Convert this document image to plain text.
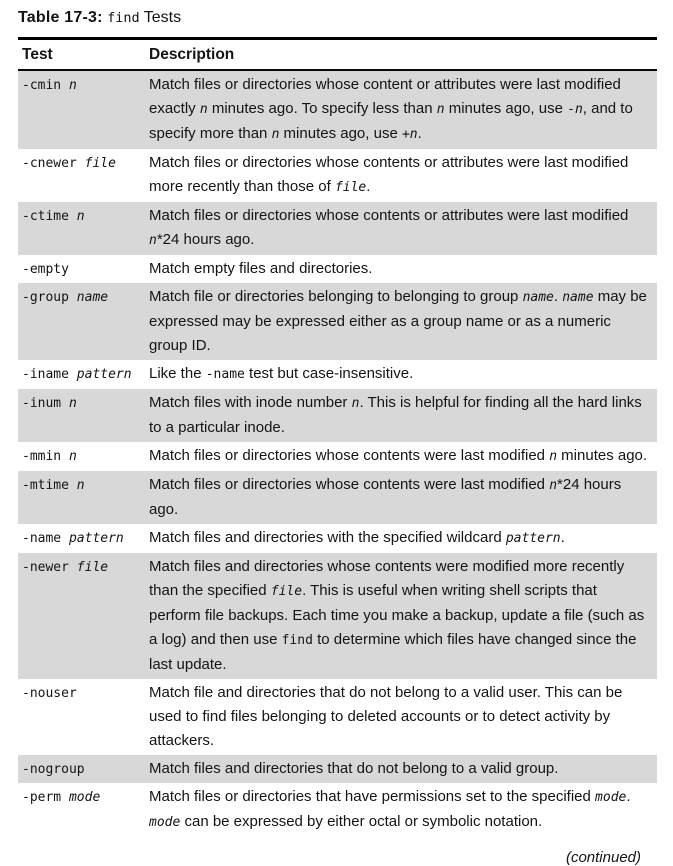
Table 17-3: find Tests
Test	Description
-cmin n	Match files or directories whose content or attributes were last modified exactly n minutes ago. To specify less than n minutes ago, use -n, and to specify more than n minutes ago, use +n.
-cnewer file	Match files or directories whose contents or attributes were last modified more recently than those of file.
-ctime n	Match files or directories whose contents or attributes were last modified n*24 hours ago.
-empty	Match empty files and directories.
-group name	Match file or directories belonging to belonging to group name. name may be expressed may be expressed either as a group name or as a numeric group ID.
-iname pattern	Like the -name test but case-insensitive.
-inum n	Match files with inode number n. This is helpful for finding all the hard links to a particular inode.
-mmin n	Match files or directories whose contents were last modified n minutes ago.
-mtime n	Match files or directories whose contents were last modified n*24 hours ago.
-name pattern	Match files and directories with the specified wildcard pattern.
-newer file	Match files and directories whose contents were modified more recently than the specified file. This is useful when writing shell scripts that perform file backups. Each time you make a backup, update a file (such as a log) and then use find to determine which files have changed since the last update.
-nouser	Match file and directories that do not belong to a valid user. This can be used to find files belonging to deleted accounts or to detect activity by attackers.
-nogroup	Match files and directories that do not belong to a valid group.
-perm mode	Match files or directories that have permissions set to the specified mode. mode can be expressed by either octal or symbolic notation.
(continued)
